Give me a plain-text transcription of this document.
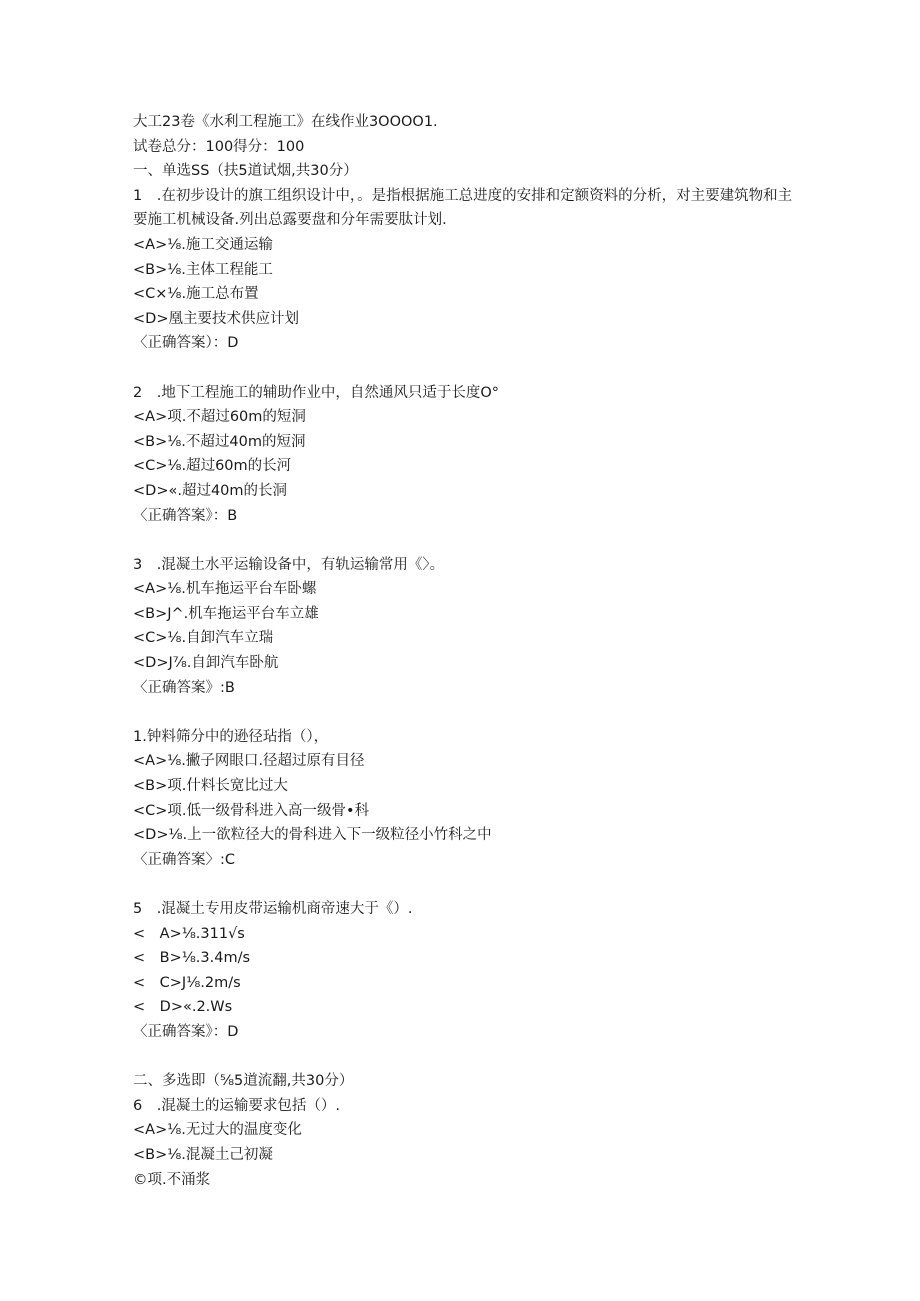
大工23卷《水利工程施工》在线作业3OOOO1.
试卷总分：100得分：100
一、单选SS（扶5道试烟,共30分）
1　.在初步设计的旗工组织设计中，。是指根据施工总进度的安排和定额资料的分析，对主要建筑物和主要施工机械设备.列出总露要盘和分年需要肽计划.
<A>⅛.施工交通运输
<B>⅛.主体工程能工
<C×⅛.施工总布置
<D>凰主要技术供应计划
〈正确答案）：D
2　.地下工程施工的辅助作业中，自然通风只适于长度O°
<A>项.不超过60m的短洞
<B>⅛.不超过40m的短洞
<C>⅛.超过60m的长河
<D>«.超过40m的长洞
〈正确答案》：B
3　.混凝土水平运输设备中，有轨运输常用《〉。
<A>⅛.机车拖运平台车卧螺
<B>J^.机车拖运平台车立雄
<C>⅛.自卸汽车立瑞
<D>J⅞.自卸汽车卧航
〈正确答案》:B
1.钟料筛分中的逊径玷指（），
<A>⅛.撇子网眼口.径超过原有目径
<B>项.什料长宽比过大
<C>项.低一级骨科进入高一级骨•科
<D>⅛.上一欲粒径大的骨科进入下一级粒径小竹科之中
〈正确答案〉:C
5　.混凝土专用皮带运输机商帝速大于《）.
<　A>⅛.311√s
<　B>⅛.3.4m/s
<　C>J⅛.2m/s
<　D>«.2.Ws
〈正确答案》：D
二、多选即（⅝5道流翻,共30分）
6　.混凝土的运输要求包括（）.
<A>⅛.无过大的温度变化
<B>⅛.混凝土己初凝
©项.不涌浆
